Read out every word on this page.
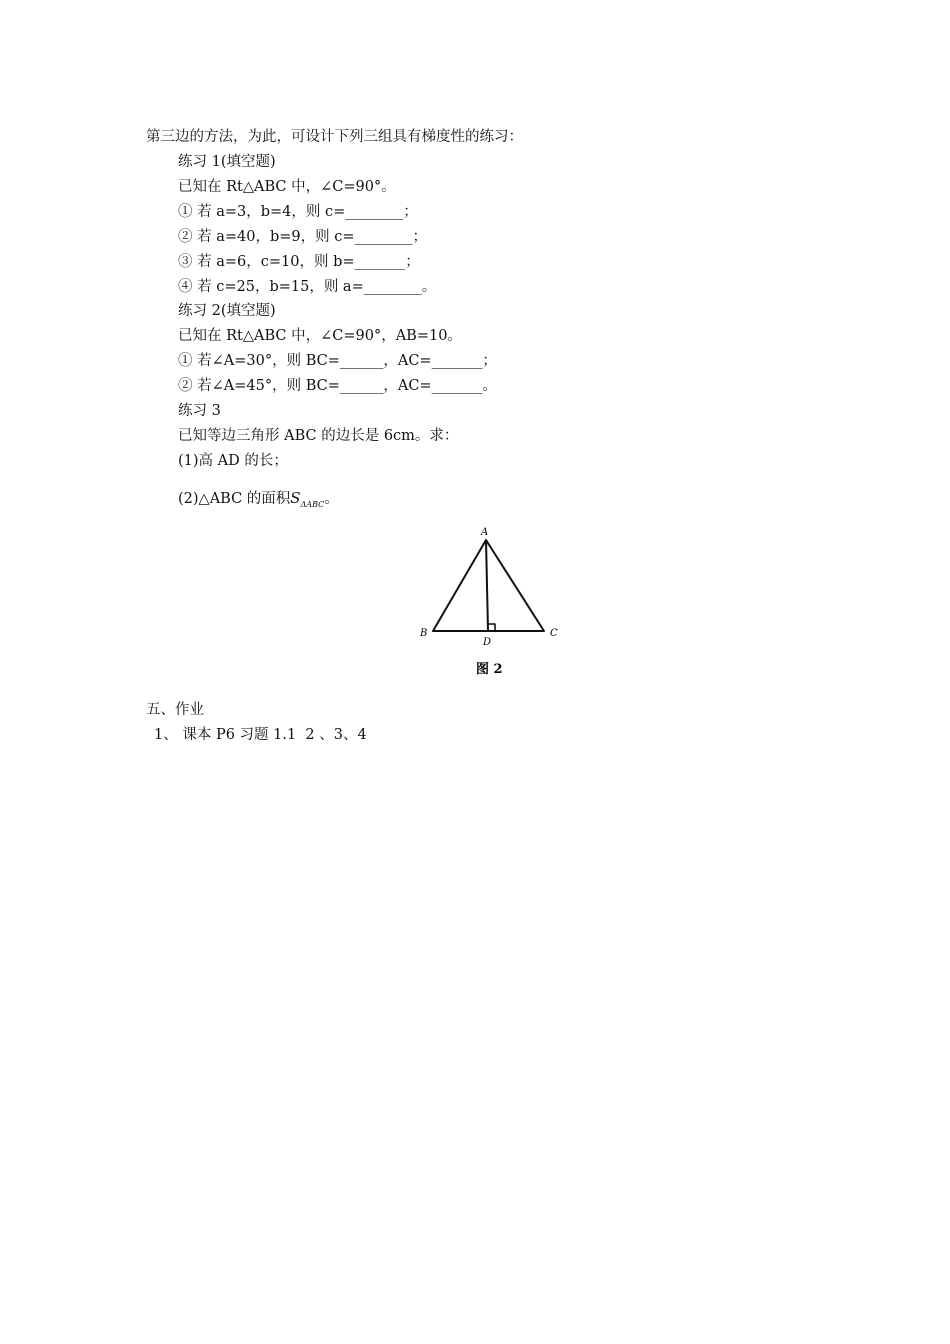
第三边的方法，为此，可设计下列三组具有梯度性的练习：
练习 1(填空题)
已知在 Rt△ABC 中，∠C=90°。
① 若 a=3，b=4，则 c=________；
② 若 a=40，b=9，则 c=________；
③ 若 a=6，c=10，则 b=_______；
④ 若 c=25，b=15，则 a=________。
练习 2(填空题)
已知在 Rt△ABC 中，∠C=90°，AB=10。
① 若∠A=30°，则 BC=______，AC=_______；
② 若∠A=45°，则 BC=______，AC=_______。
练习 3
已知等边三角形 ABC 的边长是 6cm。求：
(1)高 AD 的长；
(2)△ABC 的面积$S_{\Delta ABC}$。
A
B	C
D
图 2
五、作业
1、 课本 P6 习题 1.1  2 、3、4
